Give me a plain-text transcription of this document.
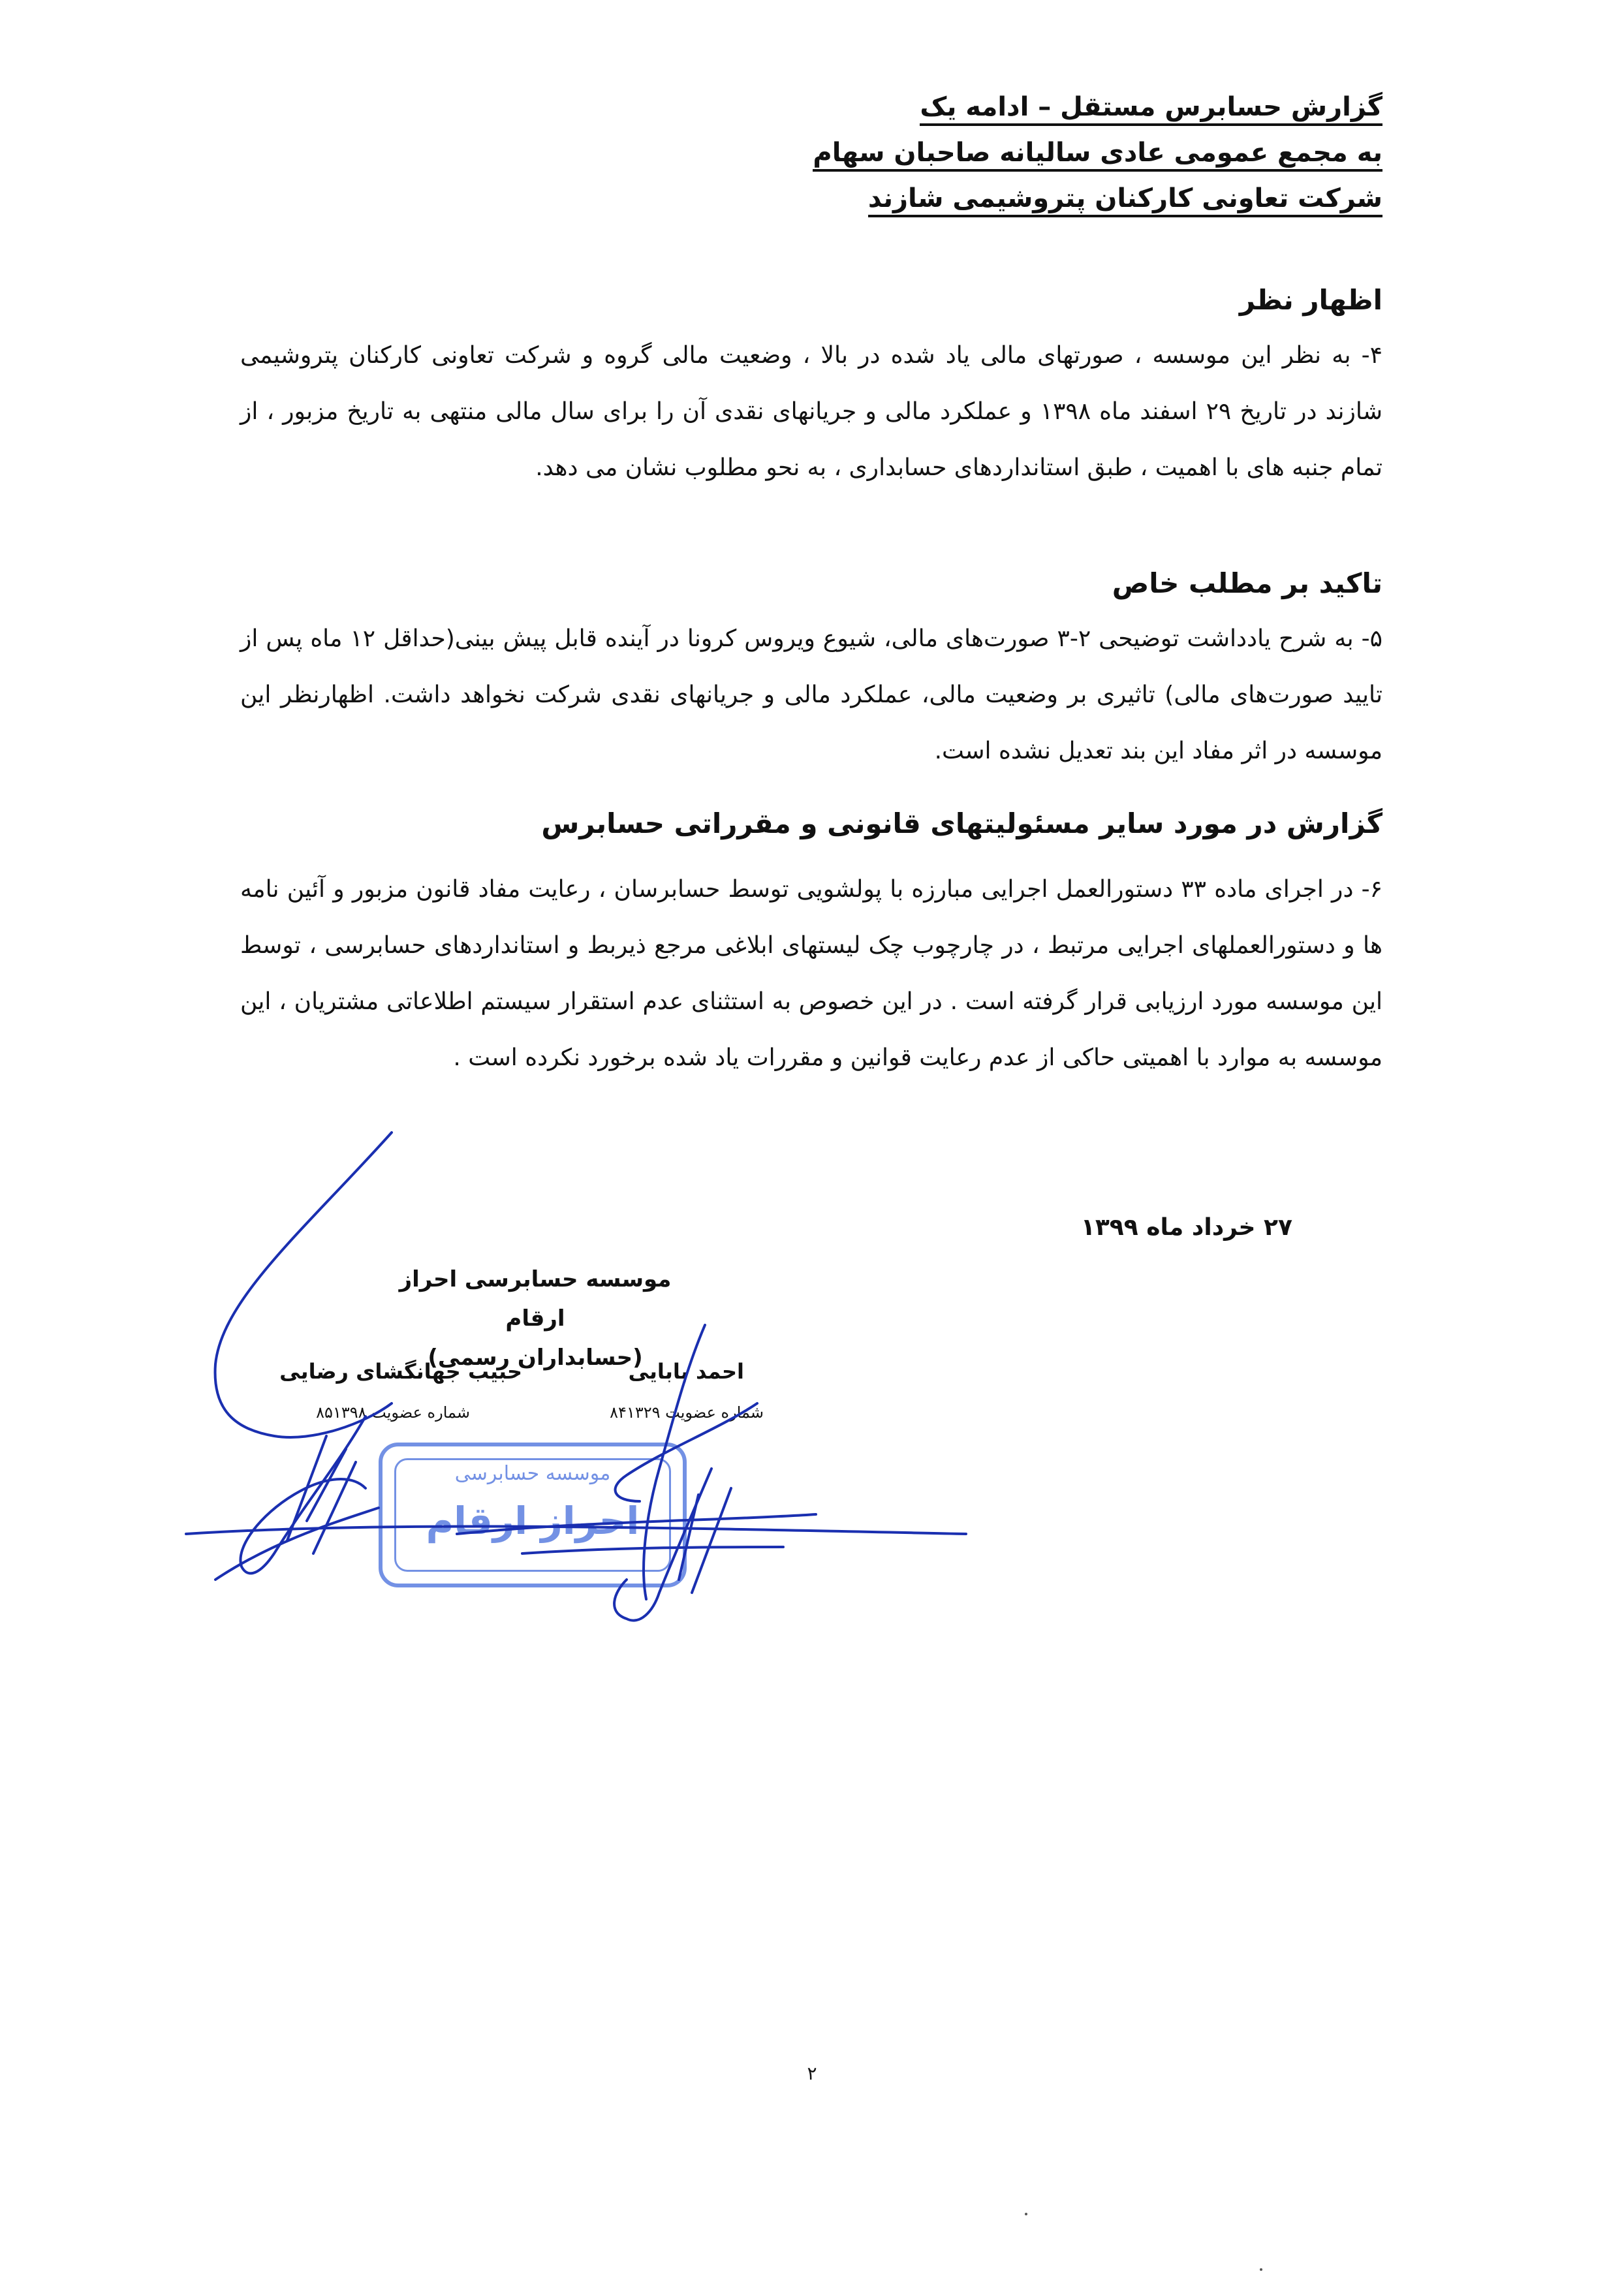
گزارش حسابرس مستقل – ادامه یک
به مجمع عمومی عادی سالیانه صاحبان سهام
شرکت تعاونی کارکنان پتروشیمی شازند
اظهار نظر
۴- به نظر این موسسه ، صورتهای مالی یاد شده در بالا ، وضعیت مالی گروه و شرکت تعاونی کارکنان پتروشیمی شازند در تاریخ ۲۹ اسفند ماه ۱۳۹۸ و عملکرد مالی و جریانهای نقدی آن را برای سال مالی منتهی به تاریخ مزبور ، از تمام جنبه های با اهمیت ، طبق استانداردهای حسابداری ، به نحو مطلوب نشان می دهد.
تاکید بر مطلب خاص
۵- به شرح یادداشت توضیحی ۲-۳ صورت‌های مالی، شیوع ویروس کرونا در آینده قابل پیش بینی(حداقل ۱۲ ماه پس از تایید صورت‌های مالی) تاثیری بر وضعیت مالی، عملکرد مالی و جریانهای نقدی شرکت نخواهد داشت. اظهارنظر این موسسه در اثر مفاد این بند تعدیل نشده است.
گزارش در مورد سایر مسئولیتهای قانونی و مقرراتی حسابرس
۶- در اجرای ماده ۳۳ دستورالعمل اجرایی مبارزه با پولشویی توسط حسابرسان ، رعایت مفاد قانون مزبور و آئین نامه ها و دستورالعملهای اجرایی مرتبط ، در چارچوب چک لیستهای ابلاغی مرجع ذیربط و استانداردهای حسابرسی ، توسط این موسسه مورد ارزیابی قرار گرفته است . در این خصوص به استثنای عدم استقرار سیستم اطلاعاتی مشتریان ، این موسسه به موارد با اهمیتی حاکی از عدم رعایت قوانین و مقررات یاد شده برخورد نکرده است .
۲۷ خرداد ماه ۱۳۹۹
موسسه حسابرسی احراز ارقام
(حسابداران رسمی)
احمد بابایی
شماره عضویت ۸۴۱۳۲۹
حبیب جهانگشای رضایی
شماره عضویت ۸۵۱۳۹۸
موسسه حسابرسی
احراز ارقام
۲
